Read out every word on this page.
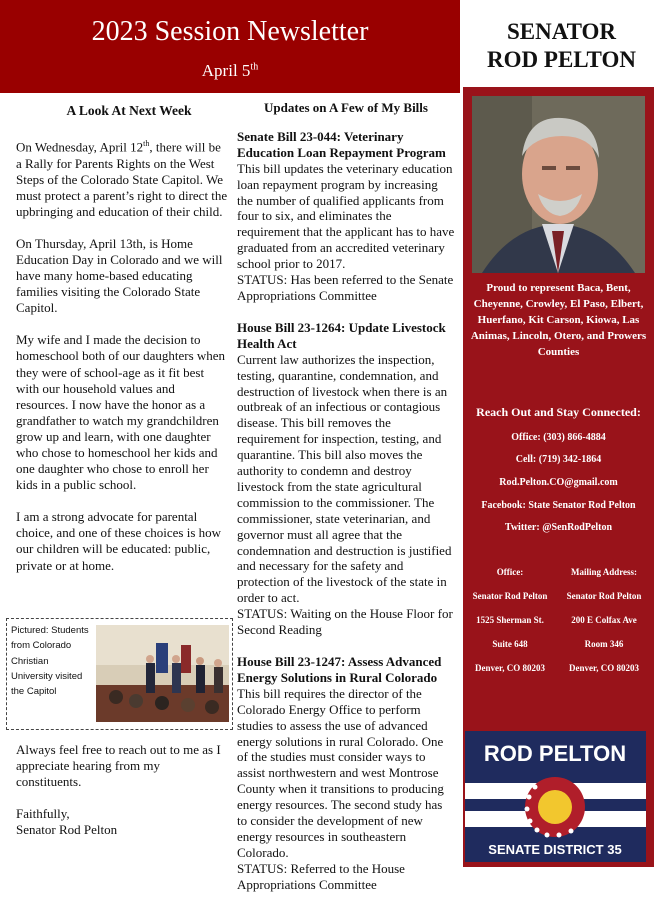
2023 Session Newsletter
April 5th
SENATOR
ROD PELTON
Proud to represent Baca, Bent, Cheyenne, Crowley, El Paso, Elbert, Huerfano, Kit Carson, Kiowa, Las Animas, Lincoln, Otero, and Prowers Counties
Reach Out and Stay Connected:
Office: (303) 866-4884
Cell: (719) 342-1864
Rod.Pelton.CO@gmail.com
Facebook: State Senator Rod Pelton
Twitter: @SenRodPelton
Office:
Senator Rod Pelton
1525 Sherman St.
Suite 648
Denver, CO 80203
Mailing Address:
Senator Rod Pelton
200 E Colfax Ave
Room 346
Denver, CO 80203
ROD PELTON
SENATE DISTRICT 35
A Look At Next Week

On Wednesday, April 12th, there will be a Rally for Parents Rights on the West Steps of the Colorado State Capitol. We must protect a parent’s right to direct the upbringing and education of their child.

On Thursday, April 13th, is Home Education Day in Colorado and we will have many home-based educating families visiting the Colorado State Capitol.

My wife and I made the decision to homeschool both of our daughters when they were of school-age as it fit best with our household values and resources. I now have the honor as a grandfather to watch my grandchildren grow up and learn, with one daughter who chose to homeschool her kids and one daughter who chose to enroll her kids in a public school.

I am a strong advocate for parental choice, and one of these choices is how our children will be educated: public, private or at home.

Pictured: Students from Colorado Christian University visited the Capitol

Always feel free to reach out to me as I appreciate hearing from my constituents.

Faithfully,
Senator Rod Pelton
Updates on A Few of My Bills
Senate Bill 23-044: Veterinary Education Loan Repayment Program
This bill updates the veterinary education loan repayment program by increasing the number of qualified applicants from four to six, and eliminates the requirement that the applicant has to have graduated from an accredited veterinary school prior to 2017.
STATUS: Has been referred to the Senate Appropriations Committee
House Bill 23-1264: Update Livestock Health Act
Current law authorizes the inspection, testing, quarantine, condemnation, and destruction of livestock when there is an outbreak of an infectious or contagious disease. This bill removes the requirement for inspection, testing, and quarantine. This bill also moves the authority to condemn and destroy livestock from the state agricultural commission to the commissioner. The commissioner, state veterinarian, and governor must all agree that the condemnation and destruction is justified and necessary for the safety and protection of the livestock of the state in order to act.
STATUS: Waiting on the House Floor for Second Reading
House Bill 23-1247: Assess Advanced Energy Solutions in Rural Colorado
This bill requires the director of the Colorado Energy Office to perform studies to assess the use of advanced energy solutions in rural Colorado. One of the studies must consider ways to assist northwestern and west Montrose County when it transitions to producing energy resources. The second study has to consider the development of new energy resources in southeastern Colorado.
STATUS: Referred to the House Appropriations Committee
